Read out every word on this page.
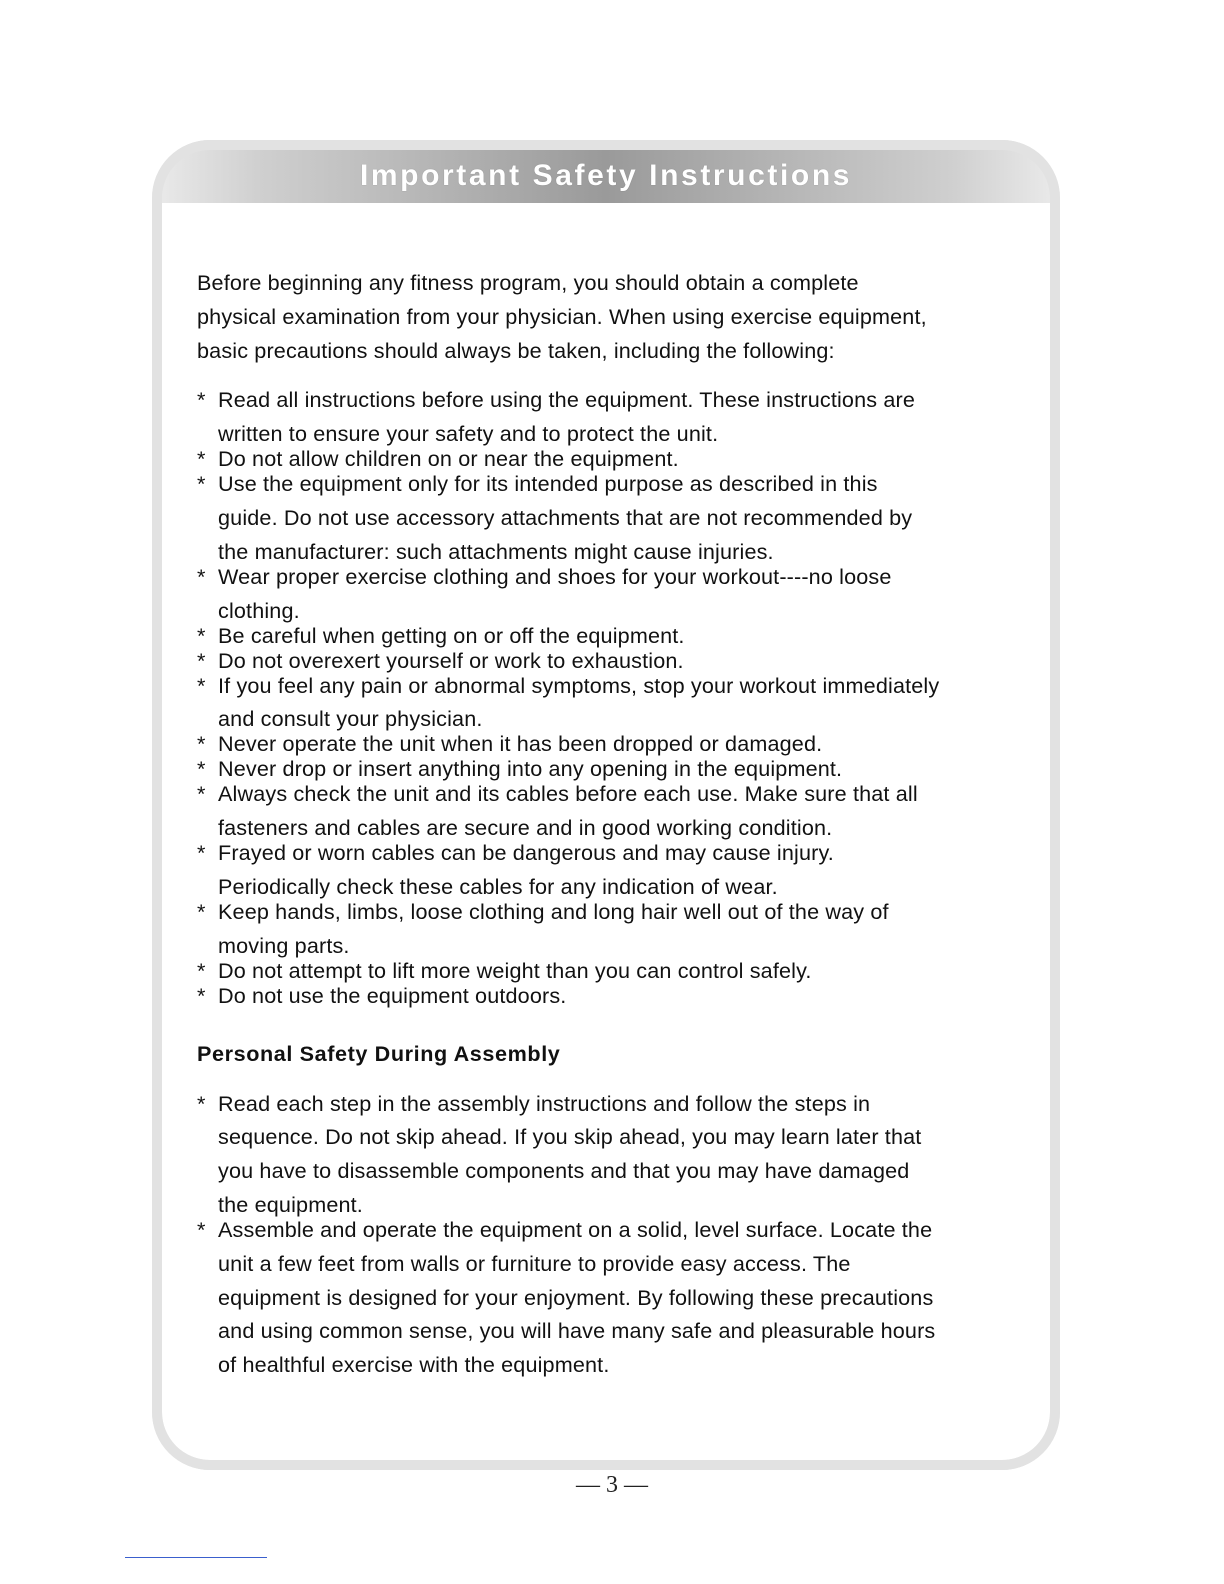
Important Safety Instructions

Before beginning any fitness program, you should obtain a complete

physical examination from your physician. When using exercise equipment,

basic precautions should always be taken, including the following:

* Read all instructions before using the equipment. These instructions are
written to ensure your safety and to protect the unit.
* Do not allow children on or near the equipment.
* Use the equipment only for its intended purpose as described in this
guide. Do not use accessory attachments that are not recommended by
the manufacturer: such attachments might cause injuries.
* Wear proper exercise clothing and shoes for your workout----no loose
clothing.
* Be careful when getting on or off the equipment.
* Do not overexert yourself or work to exhaustion.
* If you feel any pain or abnormal symptoms, stop your workout immediately
and consult your physician.
* Never operate the unit when it has been dropped or damaged.
* Never drop or insert anything into any opening in the equipment.
* Always check the unit and its cables before each use. Make sure that all
fasteners and cables are secure and in good working condition.
* Frayed or worn cables can be dangerous and may cause injury.
Periodically check these cables for any indication of wear.
* Keep hands, limbs, loose clothing and long hair well out of the way of
moving parts.
* Do not attempt to lift more weight than you can control safely.
* Do not use the equipment outdoors.
Personal Safety During Assembly
* Read each step in the assembly instructions and follow the steps in
sequence. Do not skip ahead. If you skip ahead, you may learn later that
you have to disassemble components and that you may have damaged
the equipment.
* Assemble and operate the equipment on a solid, level surface. Locate the
unit a few feet from walls or furniture to provide easy access. The
equipment is designed for your enjoyment. By following these precautions
and using common sense, you will have many safe and pleasurable hours
of healthful exercise with the equipment.
— 3 —
